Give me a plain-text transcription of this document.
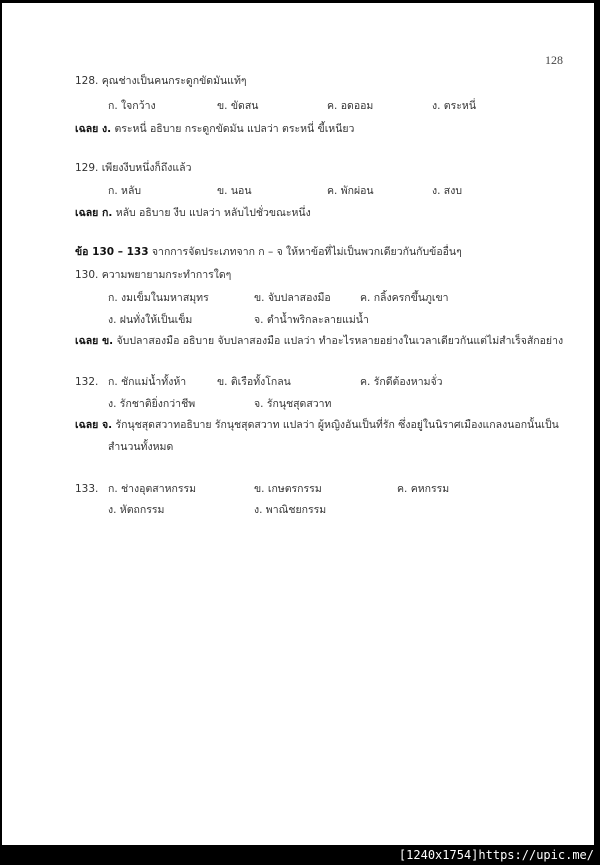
128
128. คุณช่างเป็นคนกระดูกขัดมันแท้ๆ
ก. ใจกว้าง	ข. ขัดสน	ค. อดออม	ง. ตระหนี่
เฉลย ง. ตระหนี่ อธิบาย กระดูกขัดมัน แปลว่า ตระหนี่ ขี้เหนียว
129. เพียงงีบหนึ่งก็ถึงแล้ว
ก. หลับ	ข. นอน	ค. พักผ่อน	ง. สงบ
เฉลย ก. หลับ อธิบาย งีบ แปลว่า หลับไปชั่วขณะหนึ่ง
ข้อ 130 – 133 จากการจัดประเภทจาก ก – จ ให้หาข้อที่ไม่เป็นพวกเดียวกันกับข้ออื่นๆ
130. ความพยายามกระทำการใดๆ
ก. งมเข็มในมหาสมุทร	ข. จับปลาสองมือ	ค. กลิ้งครกขึ้นภูเขา
ง. ฝนทั่งให้เป็นเข็ม	จ. ตำน้ำพริกละลายแม่น้ำ
เฉลย ข. จับปลาสองมือ อธิบาย จับปลาสองมือ แปลว่า ทำอะไรหลายอย่างในเวลาเดียวกันแต่ไม่สำเร็จสักอย่าง
132. ก. ชักแม่น้ำทั้งห้า	ข. ติเรือทั้งโกลน	ค. รักดีต้องหามจั่ว
ง. รักชาติยิ่งกว่าชีพ	จ. รักนุชสุดสวาท
เฉลย จ. รักนุชสุดสวาทอธิบาย รักนุชสุดสวาท แปลว่า ผู้หญิงอันเป็นที่รัก ซึ่งอยู่ในนิราศเมืองแกลงนอกนั้นเป็น
สำนวนทั้งหมด
133. ก. ช่างอุตสาหกรรม	ข. เกษตรกรรม	ค. คหกรรม
ง. หัตถกรรม	ง. พาณิชยกรรม
[1240x1754]https://upic.me/
